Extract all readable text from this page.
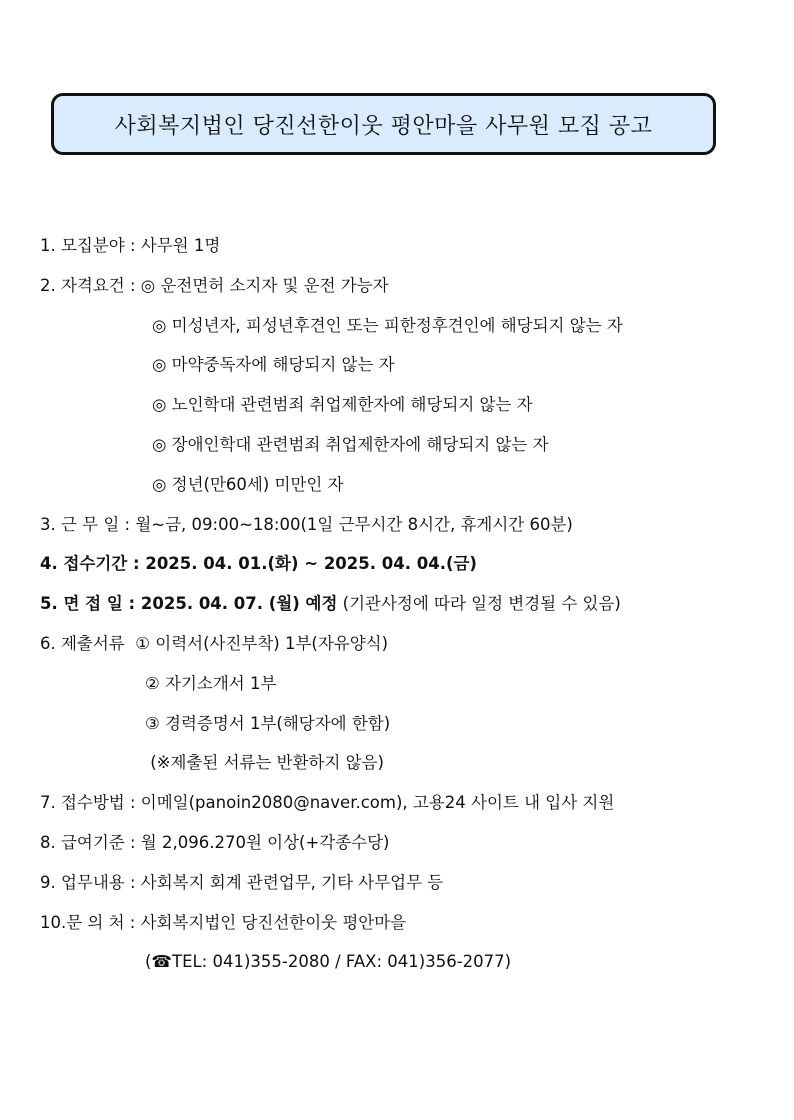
사회복지법인 당진선한이웃 평안마을 사무원 모집 공고
1. 모집분야 : 사무원 1명
2. 자격요건 : ◎ 운전면허 소지자 및 운전 가능자
◎ 미성년자, 피성년후견인 또는 피한정후견인에 해당되지 않는 자
◎ 마약중독자에 해당되지 않는 자
◎ 노인학대 관련범죄 취업제한자에 해당되지 않는 자
◎ 장애인학대 관련범죄 취업제한자에 해당되지 않는 자
◎ 정년(만60세) 미만인 자
3. 근 무 일 : 월~금, 09:00~18:00(1일 근무시간 8시간, 휴게시간 60분)
4. 접수기간 : 2025. 04. 01.(화) ~ 2025. 04. 04.(금)
5. 면 접 일 : 2025. 04. 07. (월) 예정 (기관사정에 따라 일정 변경될 수 있음)
6. 제출서류  ① 이력서(사진부착) 1부(자유양식)
② 자기소개서 1부
③ 경력증명서 1부(해당자에 한함)
(※제출된 서류는 반환하지 않음)
7. 접수방법 : 이메일(panoin2080@naver.com), 고용24 사이트 내 입사 지원
8. 급여기준 : 월 2,096.270원 이상(+각종수당)
9. 업무내용 : 사회복지 회계 관련업무, 기타 사무업무 등
10.문 의 처 : 사회복지법인 당진선한이웃 평안마을
(☎TEL: 041)355-2080 / FAX: 041)356-2077)
